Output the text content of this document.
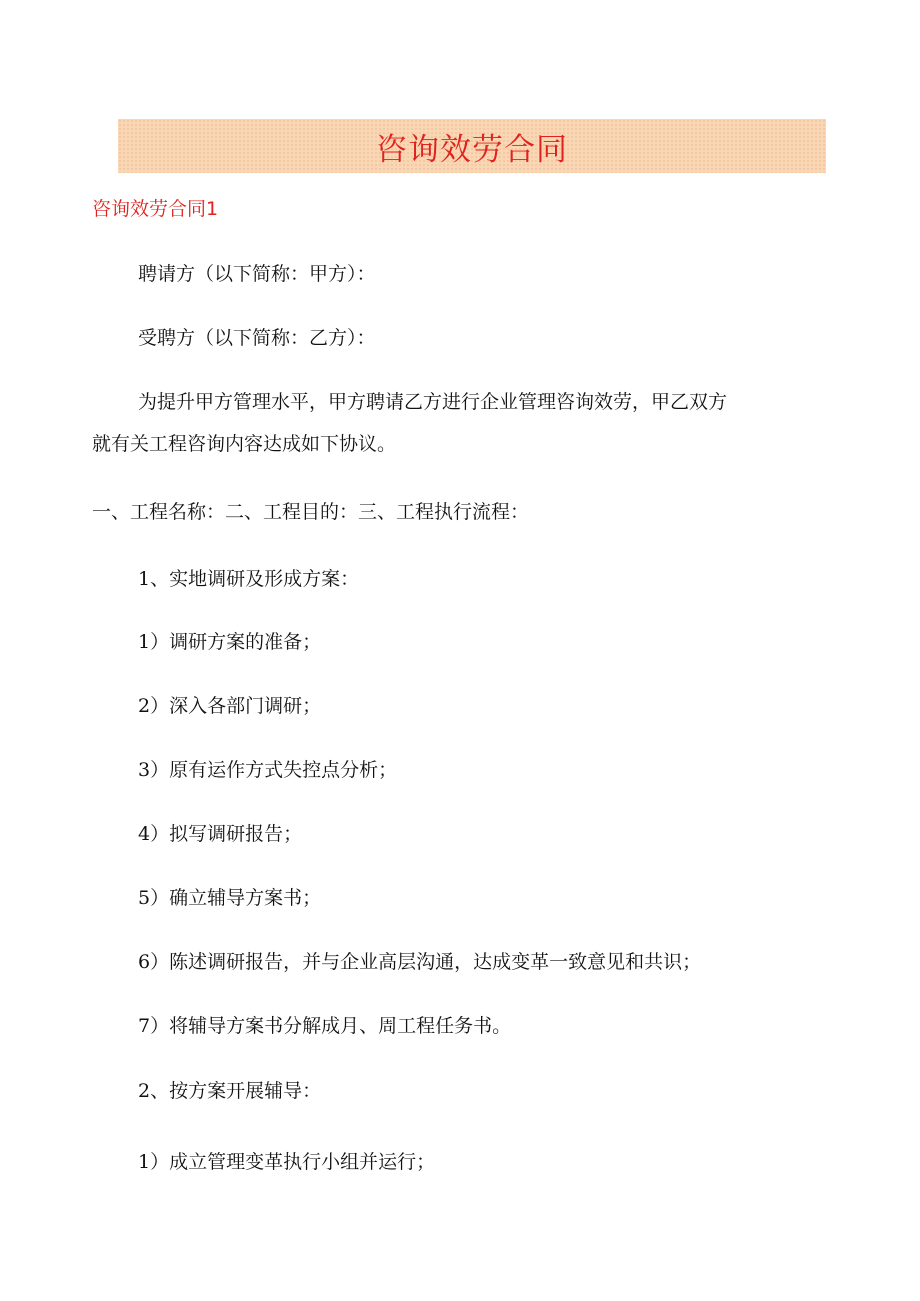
咨询效劳合同
咨询效劳合同1
聘请方（以下简称：甲方）：
受聘方（以下简称：乙方）：
为提升甲方管理水平，甲方聘请乙方进行企业管理咨询效劳，甲乙双方
就有关工程咨询内容达成如下协议。
一、工程名称：二、工程目的：三、工程执行流程：
1、实地调研及形成方案：
1）调研方案的准备；
2）深入各部门调研；
3）原有运作方式失控点分析；
4）拟写调研报告；
5）确立辅导方案书；
6）陈述调研报告，并与企业高层沟通，达成变革一致意见和共识；
7）将辅导方案书分解成月、周工程任务书。
2、按方案开展辅导：
1）成立管理变革执行小组并运行；
